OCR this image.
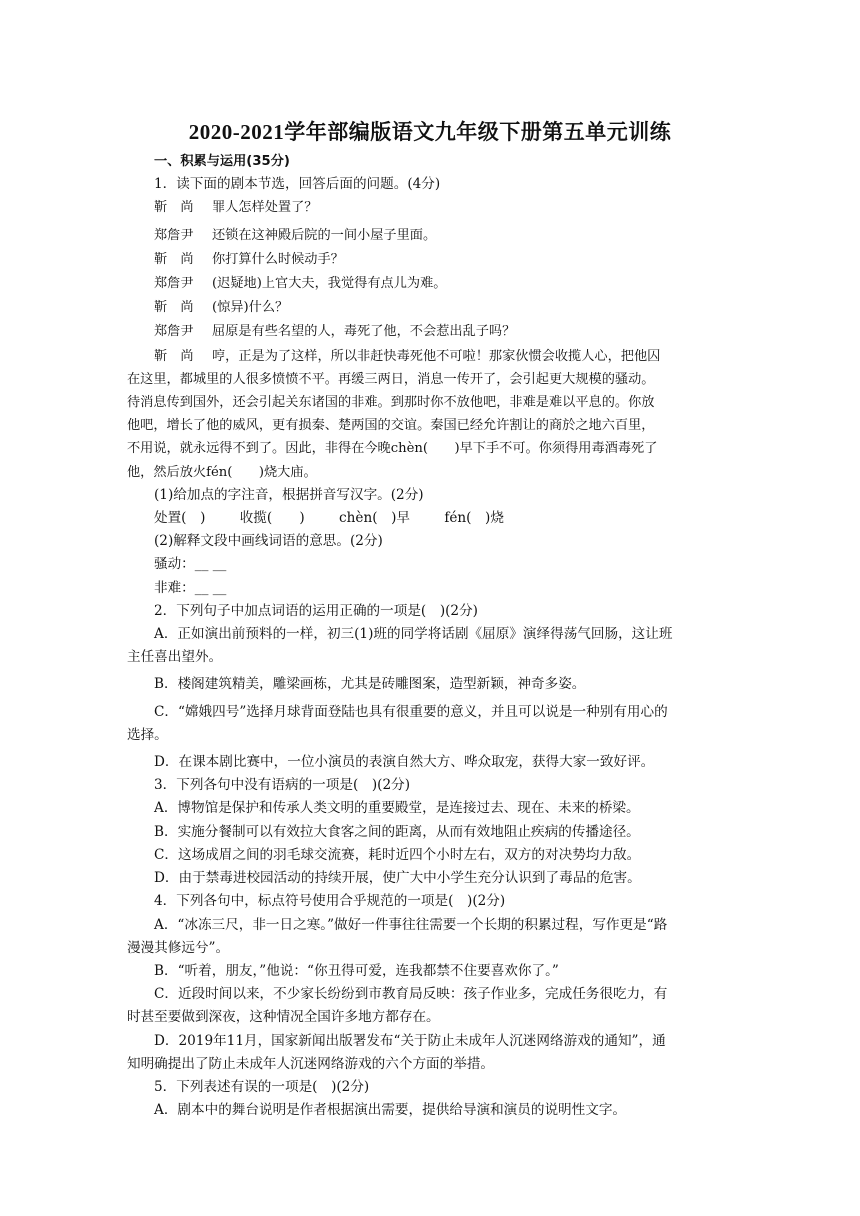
2020-2021学年部编版语文九年级下册第五单元训练

一、积累与运用(35分)

1．读下面的剧本节选，回答后面的问题。(4分)

靳　尚 罪人怎样处置了？

郑詹尹 还锁在这神殿后院的一间小屋子里面。

靳　尚 你打算什么时候动手？

郑詹尹 (迟疑地)上官大夫，我觉得有点儿为难。

靳　尚 (惊异)什么？

郑詹尹 屈原是有些名望的人，毒死了他，不会惹出乱子吗？

靳　尚 哼，正是为了这样，所以非赶快毒死他不可啦！那家伙惯会收揽人心，把他囚

在这里，都城里的人很多愤愤不平。再缓三两日，消息一传开了，会引起更大规模的骚动。

待消息传到国外，还会引起关东诸国的非难。到那时你不放他吧，非难是难以平息的。你放

他吧，增长了他的威风，更有损秦、楚两国的交谊。秦国已经允许割让的商於之地六百里，

不用说，就永远得不到了。因此，非得在今晚chèn(　　)早下手不可。你须得用毒酒毒死了

他，然后放火fén(　　)烧大庙。

(1)给加点的字注音，根据拼音写汉字。(2分)

处置(　)	收揽(　　)	chèn(　)早	fén(　)烧

(2)解释文段中画线词语的意思。(2分)

骚动：__ __

非难：__ __

2．下列句子中加点词语的运用正确的一项是(　)(2分)

A．正如演出前预料的一样，初三(1)班的同学将话剧《屈原》演绎得荡气回肠，这让班

主任喜出望外。

B．楼阁建筑精美，雕梁画栋，尤其是砖雕图案，造型新颖，神奇多姿。

C．“嫦娥四号”选择月球背面登陆也具有很重要的意义，并且可以说是一种别有用心的

选择。

D．在课本剧比赛中，一位小演员的表演自然大方、哗众取宠，获得大家一致好评。

3．下列各句中没有语病的一项是(　)(2分)

A．博物馆是保护和传承人类文明的重要殿堂，是连接过去、现在、未来的桥梁。

B．实施分餐制可以有效拉大食客之间的距离，从而有效地阻止疾病的传播途径。

C．这场成眉之间的羽毛球交流赛，耗时近四个小时左右，双方的对决势均力敌。

D．由于禁毒进校园活动的持续开展，使广大中小学生充分认识到了毒品的危害。

4．下列各句中，标点符号使用合乎规范的一项是(　)(2分)

A．“冰冻三尺，非一日之寒。”做好一件事往往需要一个长期的积累过程，写作更是“路

漫漫其修远兮”。

B．“听着，朋友，”他说：“你丑得可爱，连我都禁不住要喜欢你了。”

C．近段时间以来，不少家长纷纷到市教育局反映：孩子作业多，完成任务很吃力，有

时甚至要做到深夜，这种情况全国许多地方都存在。

D．2019年11月，国家新闻出版署发布“关于防止未成年人沉迷网络游戏的通知”，通

知明确提出了防止未成年人沉迷网络游戏的六个方面的举措。

5．下列表述有误的一项是(　)(2分)

A．剧本中的舞台说明是作者根据演出需要，提供给导演和演员的说明性文字。
